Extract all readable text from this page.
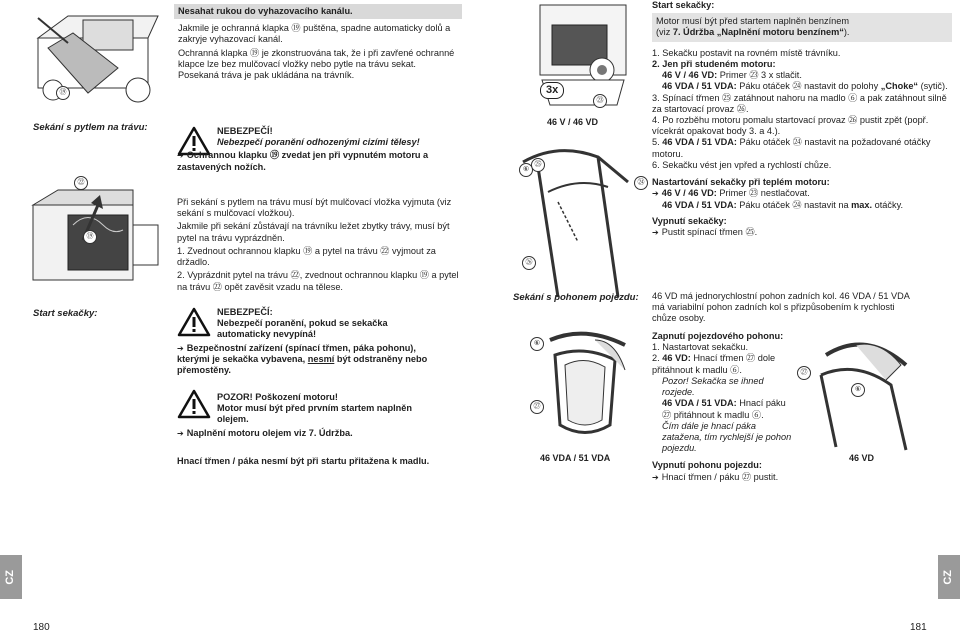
⑲
Sekání s pytlem na trávu:
㉒
⑲
Start sekačky:
Nesahat rukou do vyhazovacího kanálu.

Jakmile je ochranná klapka ⑲ puštěna, spadne automaticky dolů a zakryje vyhazovací kanál.

Ochranná klapka ⑲ je zkonstruována tak, že i při zavřené ochranné klapce lze bez mulčovací vložky nebo pytle na trávu sekat. Posekaná tráva je pak ukládána na trávník.

NEBEZPEČÍ!
Nebezpečí poranění odhozenými cizími tělesy!
➔ Ochrannou klapku ⑲ zvedat jen při vypnutém motoru a zastavených nožích.

Při sekání s pytlem na trávu musí být mulčovací vložka vyjmuta (viz sekání s mulčovací vložkou).

Jakmile při sekání zůstávají na trávníku ležet zbytky trávy, musí být pytel na trávu vyprázdněn.

1. Zvednout ochrannou klapku ⑲ a pytel na trávu ㉒ vyjmout za držadlo.

2. Vyprázdnit pytel na trávu ㉒, zvednout ochrannou klapku ⑲ a pytel na trávu ㉒ opět zavěsit vzadu na tělese.

NEBEZPEČÍ:
Nebezpečí poranění, pokud se sekačka automaticky nevypíná!
➔ Bezpečnostní zařízení (spínací třmen, páka pohonu), kterými je sekačka vybavena, nesmí být odstraněny nebo přemostěny.
POZOR! Poškození motoru!
Motor musí být před prvním startem naplněn olejem.
➔ Naplnění motoru olejem viz 7. Údržba.
Hnací třmen / páka nesmí být při startu přitažena k madlu.
CZ
180
3x
㉓
46 V / 46 VD
⑥
㉕
㉔
㉖
Sekání s pohonem pojezdu:
⑥
㉗
46 VDA / 51 VDA
Start sekačky:
Motor musí být před startem naplněn benzínem
(viz 7. Údržba „Naplnění motoru benzínem“).
1. Sekačku postavit na rovném místě trávníku.
2. Jen při studeném motoru:
46 V / 46 VD: Primer ㉓ 3 x stlačit.
46 VDA / 51 VDA: Páku otáček ㉔ nastavit do polohy „Choke“ (sytič).
3. Spínací třmen ㉕ zatáhnout nahoru na madlo ⑥ a pak zatáhnout silně za startovací provaz ㉖.
4. Po rozběhu motoru pomalu startovací provaz ㉖ pustit zpět (popř. vícekrát opakovat body 3. a 4.).
5. 46 VDA / 51 VDA: Páku otáček ㉔ nastavit na požadované otáčky motoru.
6. Sekačku vést jen vpřed a rychlostí chůze.
Nastartování sekačky při teplém motoru:
➔ 46 V / 46 VD: Primer ㉓ nestlačovat.
46 VDA / 51 VDA: Páku otáček ㉔ nastavit na max. otáčky.
Vypnutí sekačky:
➔ Pustit spínací třmen ㉕.
46 VD má jednorychlostní pohon zadních kol. 46 VDA / 51 VDA má variabilní pohon zadních kol s přizpůsobením k rychlosti chůze osoby.
Zapnutí pojezdového pohonu:
1. Nastartovat sekačku.
2. 46 VD: Hnací třmen ㉗ dole přitáhnout k madlu ⑥.
Pozor! Sekačka se ihned rozjede.
46 VDA / 51 VDA: Hnací páku ㉗ přitáhnout k madlu ⑥.
Čím dále je hnací páka zatažena, tím rychlejší je pohon pojezdu.
Vypnutí pohonu pojezdu:
➔ Hnací třmen / páku ㉗ pustit.
㉗
⑥
46 VD
CZ
181
